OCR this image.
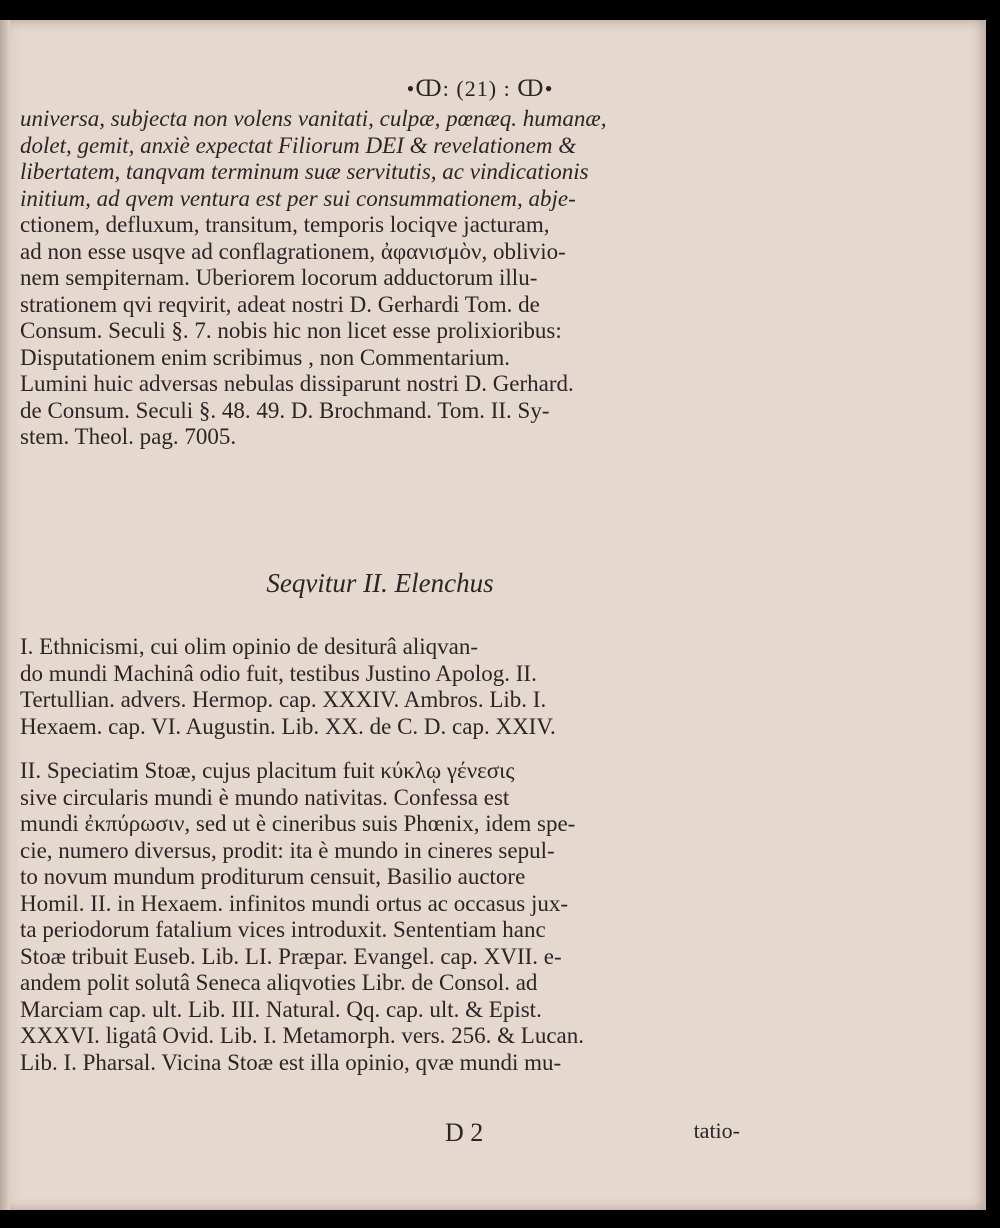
•ↀ: (21) : ↀ•
universa, subjecta non volens vanitati, culpæ, pœnæq. humanæ,
dolet, gemit, anxiè expectat Filiorum DEI & revelationem &
libertatem, tanqvam terminum suæ servitutis, ac vindicationis
initium, ad qvem ventura est per sui consummationem, abje-
ctionem, defluxum, transitum, temporis lociqve jacturam,
ad non esse usqve ad conflagrationem, ἀφανισμὸν, oblivio-
nem sempiternam. Uberiorem locorum adductorum illu-
strationem qvi reqvirit, adeat nostri D. Gerhardi Tom. de
Consum. Seculi §. 7. nobis hic non licet esse prolixioribus:
Disputationem enim scribimus , non Commentarium.
Lumini huic adversas nebulas dissiparunt nostri D. Gerhard.
de Consum. Seculi §. 48. 49. D. Brochmand. Tom. II. Sy-
stem. Theol. pag. 7005.
Seqvitur II. Elenchus
I. Ethnicismi, cui olim opinio de desiturâ aliqvan-
do mundi Machinâ odio fuit, testibus Justino Apolog. II.
Tertullian. advers. Hermop. cap. XXXIV. Ambros. Lib. I.
Hexaem. cap. VI. Augustin. Lib. XX. de C. D. cap. XXIV.
II. Speciatim Stoæ, cujus placitum fuit κύκλῳ γένεσις
sive circularis mundi è mundo nativitas. Confessa est
mundi ἐκπύρωσιν, sed ut è cineribus suis Phœnix, idem spe-
cie, numero diversus, prodit: ita è mundo in cineres sepul-
to novum mundum proditurum censuit, Basilio auctore
Homil. II. in Hexaem. infinitos mundi ortus ac occasus jux-
ta periodorum fatalium vices introduxit. Sententiam hanc
Stoæ tribuit Euseb. Lib. LI. Præpar. Evangel. cap. XVII. e-
andem polit solutâ Seneca aliqvoties Libr. de Consol. ad
Marciam cap. ult. Lib. III. Natural. Qq. cap. ult. & Epist.
XXXVI. ligatâ Ovid. Lib. I. Metamorph. vers. 256. & Lucan.
Lib. I. Pharsal. Vicina Stoæ est illa opinio, qvæ mundi mu-
D 2	tatio-
